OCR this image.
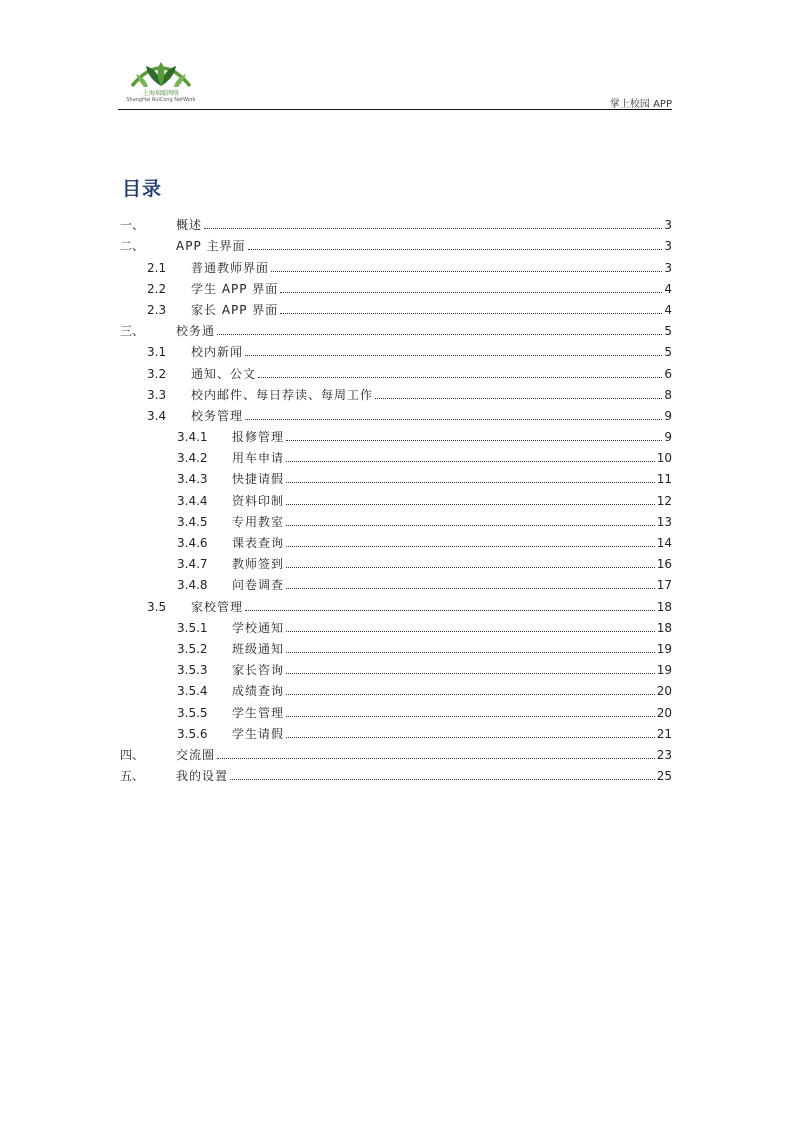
上海瑞聪网络
ShangHai RuiCong NetWork	掌上校园 APP
目录
一、	概述	3
二、	APP 主界面	3
2.1	普通教师界面	3
2.2	学生 APP 界面	4
2.3	家长 APP 界面	4
三、	校务通	5
3.1	校内新闻	5
3.2	通知、公文	6
3.3	校内邮件、每日荐读、每周工作	8
3.4	校务管理	9
3.4.1	报修管理	9
3.4.2	用车申请	10
3.4.3	快捷请假	11
3.4.4	资料印制	12
3.4.5	专用教室	13
3.4.6	课表查询	14
3.4.7	教师签到	16
3.4.8	问卷调查	17
3.5	家校管理	18
3.5.1	学校通知	18
3.5.2	班级通知	19
3.5.3	家长咨询	19
3.5.4	成绩查询	20
3.5.5	学生管理	20
3.5.6	学生请假	21
四、	交流圈	23
五、	我的设置	25
